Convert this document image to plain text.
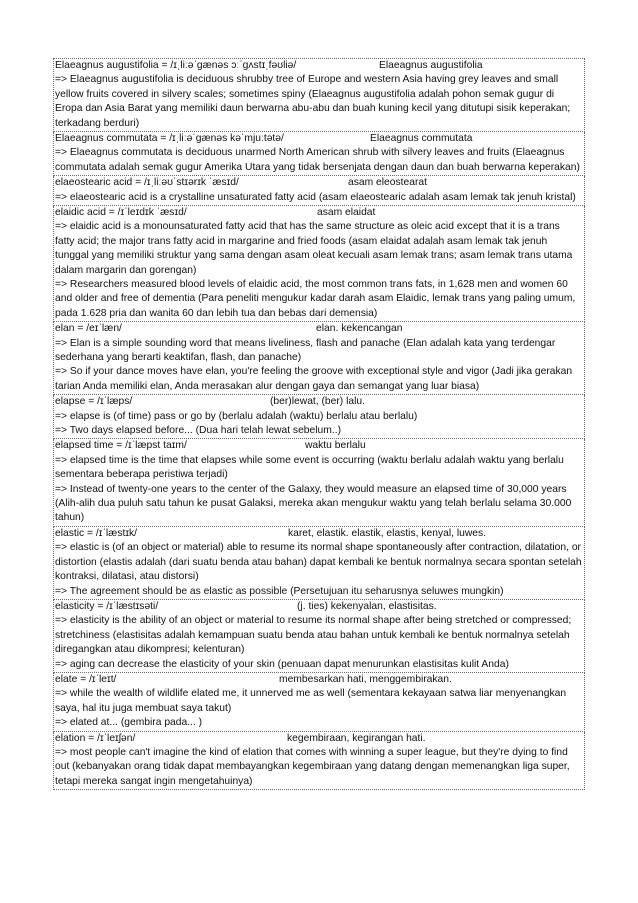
Elaeagnus augustifolia = /ɪˌliːəˈɡænəs ɔːˈɡʌstɪˌfəʊliə/	Elaeagnus augustifolia
=> Elaeagnus augustifolia is deciduous shrubby tree of Europe and western Asia having grey leaves and small yellow fruits covered in silvery scales; sometimes spiny (Elaeagnus augustifolia adalah pohon semak gugur di Eropa dan Asia Barat yang memiliki daun berwarna abu-abu dan buah kuning kecil yang ditutupi sisik keperakan; terkadang berduri)
Elaeagnus commutata = /ɪˌliːəˈɡænəs kəˈmjuːtətə/	Elaeagnus commutata
=> Elaeagnus commutata is deciduous unarmed North American shrub with silvery leaves and fruits (Elaeagnus commutata adalah semak gugur Amerika Utara yang tidak bersenjata dengan daun dan buah berwarna keperakan)
elaeostearic acid = /ɪˌliːəʊˈstɪərɪk ˈæsɪd/	asam eleostearat
=> elaeostearic acid is a crystalline unsaturated fatty acid (asam elaeostearic adalah asam lemak tak jenuh kristal)
elaidic acid = /ɪˈleɪdɪk ˈæsɪd/	asam elaidat
=> elaidic acid is a monounsaturated fatty acid that has the same structure as oleic acid except that it is a trans fatty acid; the major trans fatty acid in margarine and fried foods (asam elaidat adalah asam lemak tak jenuh tunggal yang memiliki struktur yang sama dengan asam oleat kecuali asam lemak trans; asam lemak trans utama dalam margarin dan gorengan)
=> Researchers measured blood levels of elaidic acid, the most common trans fats, in 1,628 men and women 60 and older and free of dementia (Para peneliti mengukur kadar darah asam Elaidic, lemak trans yang paling umum, pada 1.628 pria dan wanita 60 dan lebih tua dan bebas dari demensia)
elan = /eɪˈlæn/	elan. kekencangan
=> Elan is a simple sounding word that means liveliness, flash and panache (Elan adalah kata yang terdengar sederhana yang berarti keaktifan, flash, dan panache)
=> So if your dance moves have elan, you're feeling the groove with exceptional style and vigor (Jadi jika gerakan tarian Anda memiliki elan, Anda merasakan alur dengan gaya dan semangat yang luar biasa)
elapse = /ɪˈlæps/	(ber)lewat, (ber) lalu.
=> elapse is (of time) pass or go by (berlalu adalah (waktu) berlalu atau berlalu)
=> Two days elapsed before... (Dua hari telah lewat sebelum..)
elapsed time = /ɪˈlæpst taɪm/	waktu berlalu
=> elapsed time is the time that elapses while some event is occurring (waktu berlalu adalah waktu yang berlalu sementara beberapa peristiwa terjadi)
=> Instead of twenty-one years to the center of the Galaxy, they would measure an elapsed time of 30,000 years (Alih-alih dua puluh satu tahun ke pusat Galaksi, mereka akan mengukur waktu yang telah berlalu selama 30.000 tahun)
elastic = /ɪˈlæstɪk/	karet, elastik. elastik, elastis, kenyal, luwes.
=> elastic is (of an object or material) able to resume its normal shape spontaneously after contraction, dilatation, or distortion (elastis adalah (dari suatu benda atau bahan) dapat kembali ke bentuk normalnya secara spontan setelah kontraksi, dilatasi, atau distorsi)
=> The agreement should be as elastic as possible (Persetujuan itu seharusnya seluwes mungkin)
elasticity = /ɪˈlæstɪsəti/	(j. ties) kekenyalan, elastisitas.
=> elasticity is the ability of an object or material to resume its normal shape after being stretched or compressed; stretchiness (elastisitas adalah kemampuan suatu benda atau bahan untuk kembali ke bentuk normalnya setelah diregangkan atau dikompresi; kelenturan)
=> aging can decrease the elasticity of your skin (penuaan dapat menurunkan elastisitas kulit Anda)
elate = /ɪˈleɪt/	membesarkan hati, menggembirakan.
=> while the wealth of wildlife elated me, it unnerved me as well (sementara kekayaan satwa liar menyenangkan saya, hal itu juga membuat saya takut)
=> elated at... (gembira pada... )
elation = /ɪˈleɪʃən/	kegembiraan, kegirangan hati.
=> most people can't imagine the kind of elation that comes with winning a super league, but they're dying to find out (kebanyakan orang tidak dapat membayangkan kegembiraan yang datang dengan memenangkan liga super, tetapi mereka sangat ingin mengetahuinya)
